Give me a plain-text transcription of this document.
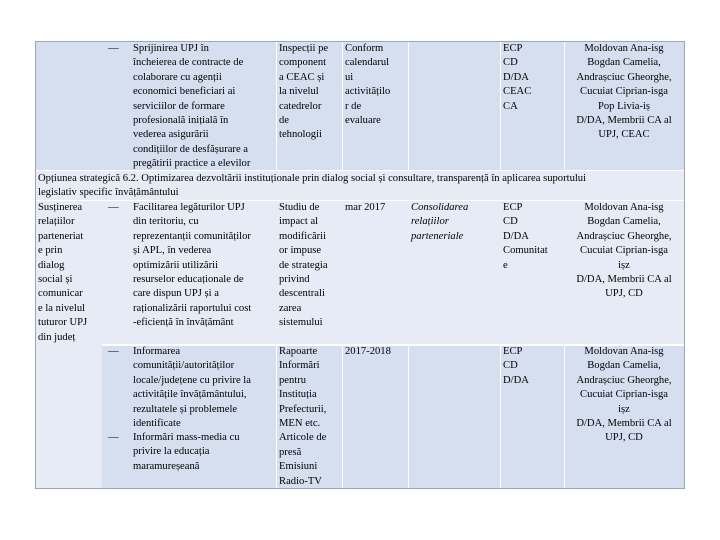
— Sprijinirea UPJ în
încheierea de contracte de
colaborare cu agenții
economici beneficiari ai
serviciilor de formare
profesională inițială în
vederea asigurării
condițiilor de desfășurare a
pregătirii practice a elevilor
Inspecții pe
component
a CEAC și
la nivelul
catedrelor
de
tehnologii
Conform
calendarul
ui
activitățilo
r de
evaluare
ECP
CD
D/DA
CEAC
CA
Moldovan Ana-isg
Bogdan Camelia,
Andrașciuc Gheorghe,
Cucuiat Ciprian-isga
Pop Livia-iș
D/DA, Membrii CA al
UPJ, CEAC
Opțiunea strategică 6.2. Optimizarea dezvoltării instituționale prin dialog social și consultare, transparență în aplicarea suportului
legislativ specific învățământului
Susținerea
relațiilor
parteneriat
e prin
dialog
social și
comunicar
e la nivelul
tuturor UPJ
din județ
— Facilitarea legăturilor UPJ
din teritoriu, cu
reprezentanții comunităților
și APL, în vederea
optimizării utilizării
resurselor educaționale de
care dispun UPJ și a
raționalizării raportului cost
-eficiență în învățământ
Studiu de
impact al
modificării
or impuse
de strategia
privind
descentrali
zarea
sistemului
mar 2017 Consolidarea
relațiilor
parteneriale
ECP
CD
D/DA
Comunitat
e
Moldovan Ana-isg
Bogdan Camelia,
Andrașciuc Gheorghe,
Cucuiat Ciprian-isga
ișz
D/DA, Membrii CA al
UPJ, CD
— Informarea
comunității/autorităților
locale/județene cu privire la
activitățile învățământului,
rezultatele și problemele
identificate
— Informări mass-media cu
privire la educația
maramureșeană
Rapoarte
Informări
pentru
Instituția
Prefecturii,
MEN etc.
Articole de
presă
Emisiuni
Radio-TV
2017-2018	ECP
CD
D/DA
Moldovan Ana-isg
Bogdan Camelia,
Andrașciuc Gheorghe,
Cucuiat Ciprian-isga
ișz
D/DA, Membrii CA al
UPJ, CD
